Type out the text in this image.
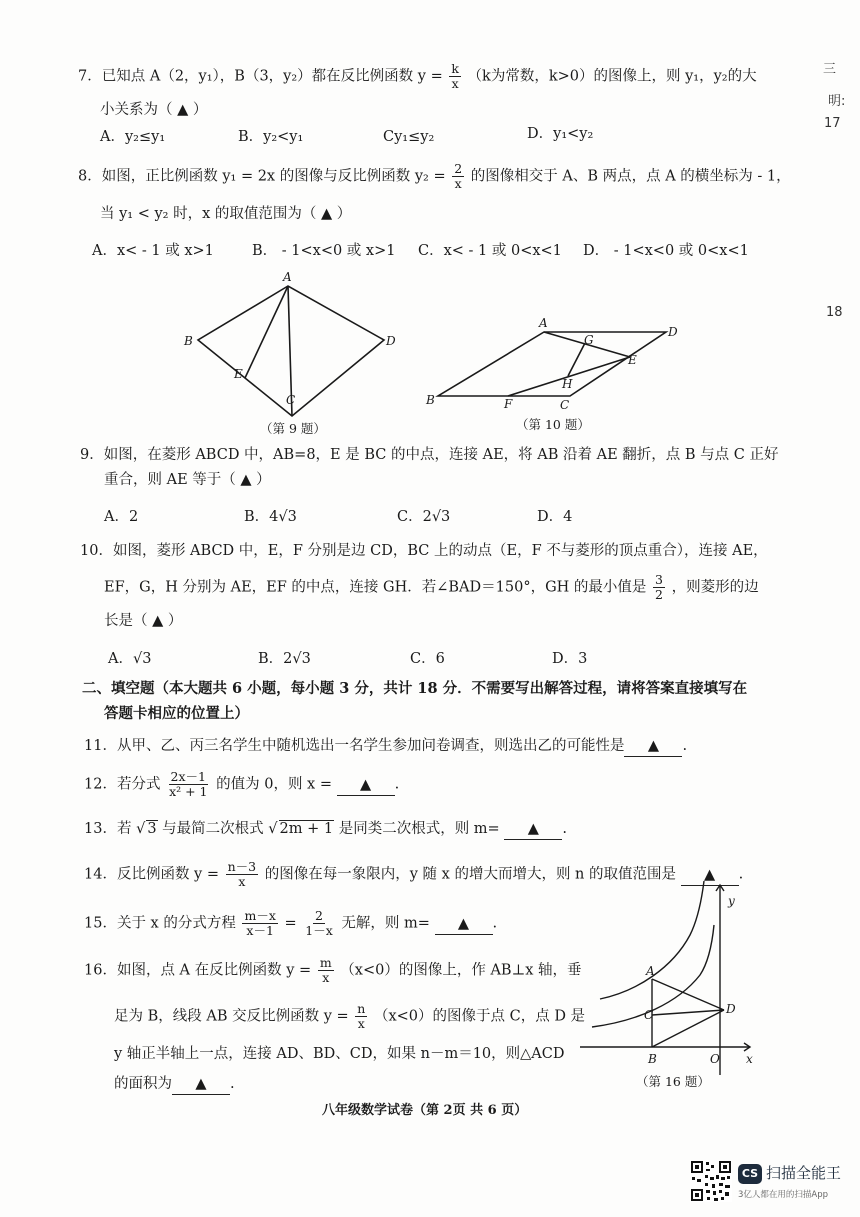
三
明:
17
18
7．已知点 A（2，y₁），B（3，y₂）都在反比例函数 $y = \frac{k}{x} (k$为常数，k>0）的图像上，则 y₁，y₂的大
小关系为（ ▲ ）
A．y₂≤y₁	B．y₂<y₁	Cy₁≤y₂	D．y₁<y₂
8．如图，正比例函数 y₁ = 2x 的图像与反比例函数 $y_2 = \frac{2}{x}$ 的图像相交于 A、B 两点，点 A 的横坐标为 - 1，
当 y₁ < y₂ 时，x 的取值范围为（ ▲ ）
A．x< - 1 或 x>1	B． - 1<x<0 或 x>1 C．x< - 1 或 0<x<1 D． - 1<x<0 或 0<x<1
A
B	D
E
C
（第 9 题）
A
D
G
E
H
B	F	C
（第 10 题）
9．如图，在菱形 ABCD 中，AB=8，E 是 BC 的中点，连接 AE，将 AB 沿着 AE 翻折，点 B 与点 C 正好
重合，则 AE 等于（ ▲ ）
A．2	B．4√3	C．2√3	D．4
10．如图，菱形 ABCD 中，E，F 分别是边 CD，BC 上的动点（E，F 不与菱形的顶点重合），连接 AE，
EF，G，H 分别为 AE，EF 的中点，连接 GH．若∠BAD＝150°，GH 的最小值是 $\frac{3}{2}$ ，则菱形的边
长是（ ▲ ）
A．√3	B．2√3	C．6	D．3
二、填空题（本大题共 6 小题，每小题 3 分，共计 18 分．不需要写出解答过程，请将答案直接填写在
答题卡相应的位置上）
11．从甲、乙、丙三名学生中随机选出一名学生参加问卷调查，则选出乙的可能性是 ▲ .
12．若分式 $\frac{2x-1}{\text{x² + 1}}$ 的值为 0，则 x = ▲ .
13．若 √ 3 与最简二次根式 √ 2m + 1 是同类二次根式，则 m= ▲ .
14．反比例函数 $y = \frac{n-3}{x}$ 的图像在每一象限内，y 随 x 的增大而增大，则 n 的取值范围是 ▲ .
15．关于 x 的分式方程 $\frac{m-x}{x-1} = \frac{2}{1-x}$ 无解，则 m= ▲ .
16．如图，点 A 在反比例函数 $y = \frac{m}{x} (x<0)$的图像上，作 AB⊥x 轴，垂
足为 B，线段 AB 交反比例函数 $y = \frac{n}{x} (x<0)$的图像于点 C，点 D 是
y 轴正半轴上一点，连接 AD、BD、CD，如果 n－m＝10，则△ACD
的面积为 ▲ .
y
A
C	D
B	O x
（第 16 题）
八年级数学试卷（第 2页 共 6 页）
CS 扫描全能王
3亿人都在用的扫描App
